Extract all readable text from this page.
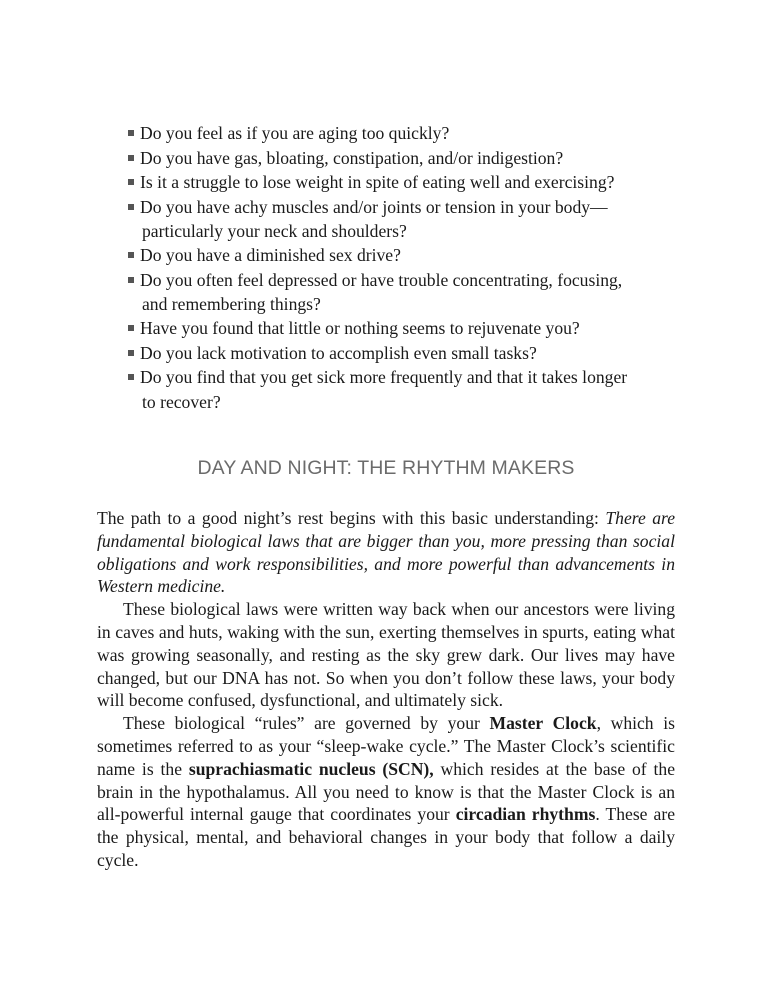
Do you feel as if you are aging too quickly?
Do you have gas, bloating, constipation, and/or indigestion?
Is it a struggle to lose weight in spite of eating well and exercising?
Do you have achy muscles and/or joints or tension in your body—
particularly your neck and shoulders?
Do you have a diminished sex drive?
Do you often feel depressed or have trouble concentrating, focusing,
and remembering things?
Have you found that little or nothing seems to rejuvenate you?
Do you lack motivation to accomplish even small tasks?
Do you find that you get sick more frequently and that it takes longer
to recover?
DAY AND NIGHT: THE RHYTHM MAKERS

The path to a good night’s rest begins with this basic understanding: There are fundamental biological laws that are bigger than you, more pressing than social obligations and work responsibilities, and more powerful than advancements in Western medicine.

These biological laws were written way back when our ancestors were living in caves and huts, waking with the sun, exerting themselves in spurts, eating what was growing seasonally, and resting as the sky grew dark. Our lives may have changed, but our DNA has not. So when you don’t follow these laws, your body will become confused, dysfunctional, and ultimately sick.

These biological “rules” are governed by your Master Clock, which is sometimes referred to as your “sleep-wake cycle.” The Master Clock’s scientific name is the suprachiasmatic nucleus (SCN), which resides at the base of the brain in the hypothalamus. All you need to know is that the Master Clock is an all-powerful internal gauge that coordinates your circadian rhythms. These are the physical, mental, and behavioral changes in your body that follow a daily cycle.
